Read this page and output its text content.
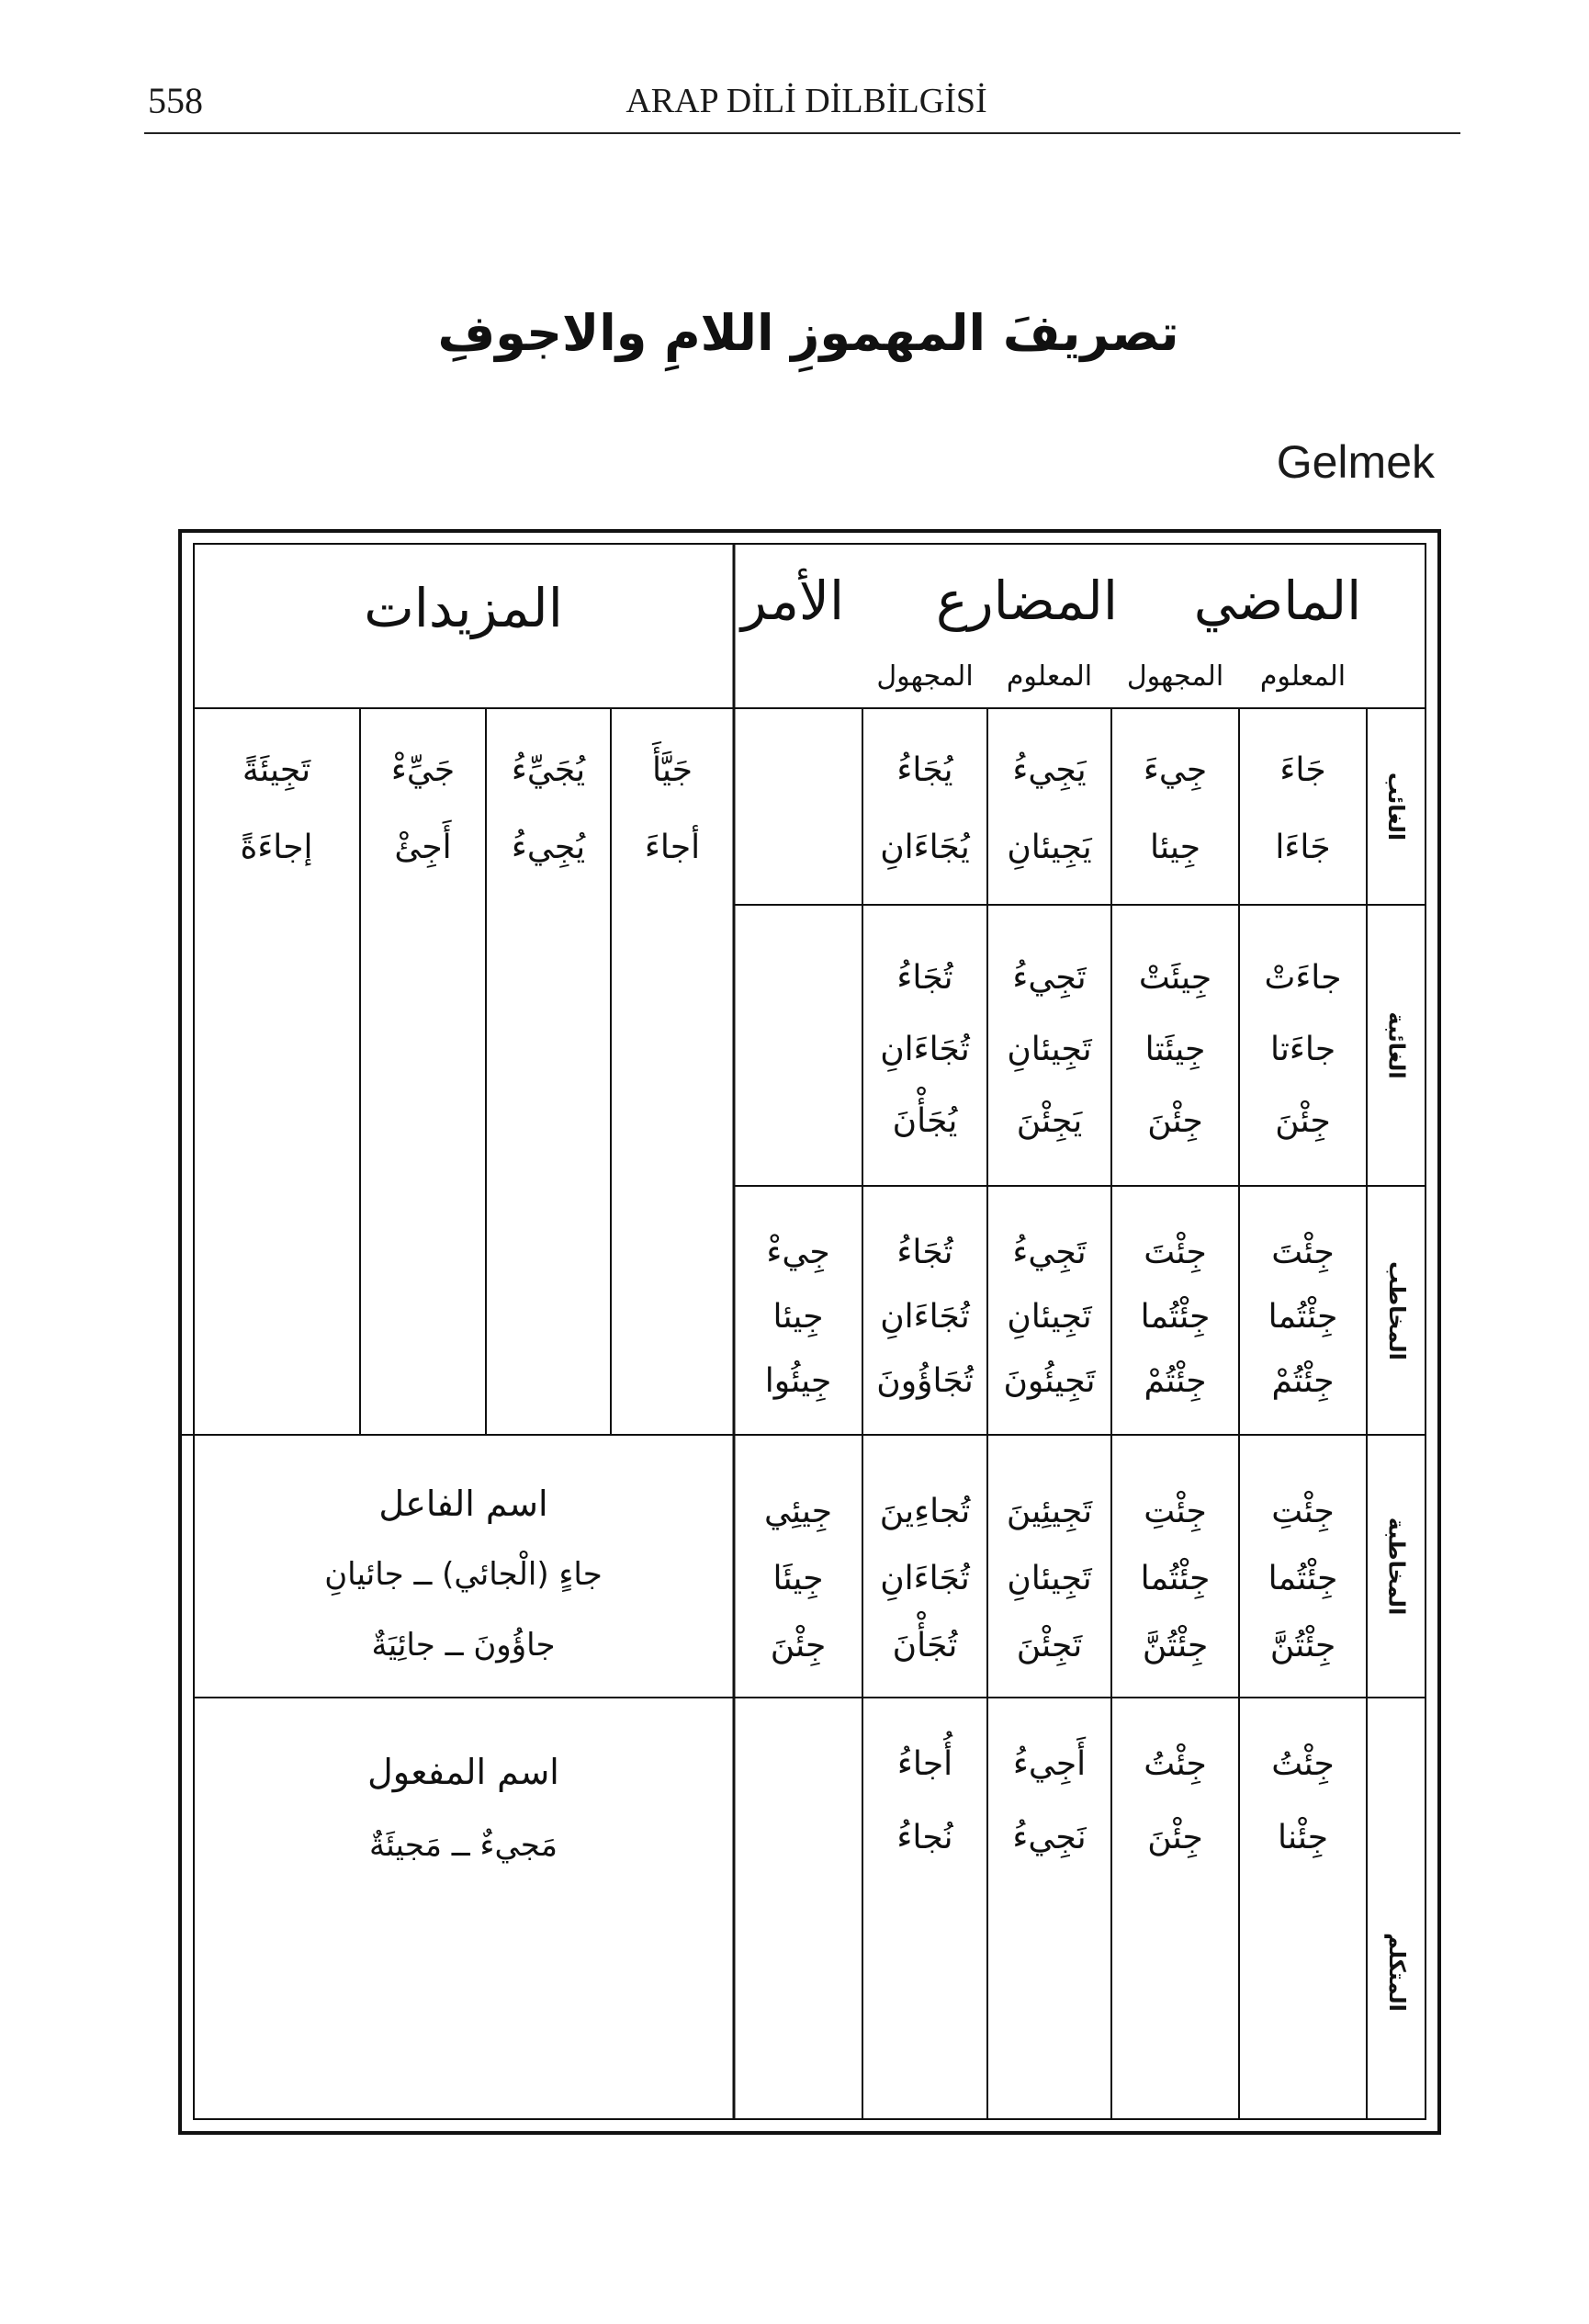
558	ARAP DİLİ DİLBİLGİSİ
تصريفَ المهموزِ اللامِ والاجوفِ
Gelmek
الماضي
المضارع
الأمر
المعلوم
المجهول
المعلوم
المجهول
المزيدات
الغائب
الغائبة
المخاطب
المخاطبة
المتكلم
جَاءَ
جَاءَا
جِيءَ
جِيئا
يَجِيءُ
يَجِيئانِ
يُجَاءُ
يُجَاءَانِ
جاءَتْ
جاءَتا
جِئْنَ
جِيئَتْ
جِيئَتا
جِئْنَ
تَجِيءُ
تَجِيئانِ
يَجِئْنَ
تُجَاءُ
تُجَاءَانِ
يُجَأْنَ
جِئْتَ
جِئْتُما
جِئْتُمْ
جِئْتَ
جِئْتُما
جِئْتُمْ
تَجِيءُ
تَجِيئانِ
تَجِيئُونَ
تُجَاءُ
تُجَاءَانِ
تُجَاؤُونَ
جِيءْ
جِيئا
جِيئُوا
جِئْتِ
جِئْتُما
جِئْتُنَّ
جِئْتِ
جِئْتُما
جِئْتُنَّ
تَجِيئِينَ
تَجِيئانِ
تَجِئْنَ
تُجاءِينَ
تُجَاءَانِ
تُجَأْنَ
جِيئِي
جِيئَا
جِئْنَ
جِئْتُ
جِئْنا
جِئْتُ
جِئْنَ
أَجِيءُ
نَجِيءُ
أُجاءُ
نُجاءُ
جَيَّأَ
أجاءَ
يُجَيِّءُ
يُجِيءُ
جَيِّءْ
أَجِئْ
تَجِيئَةً
إجاءَةً
اسم الفاعل
جاءٍ (الْجائي) ــ جائيانِ
جاؤُونَ ــ جائِيَةٌ
اسم المفعول
مَجيءٌ ــ مَجيئَةٌ
